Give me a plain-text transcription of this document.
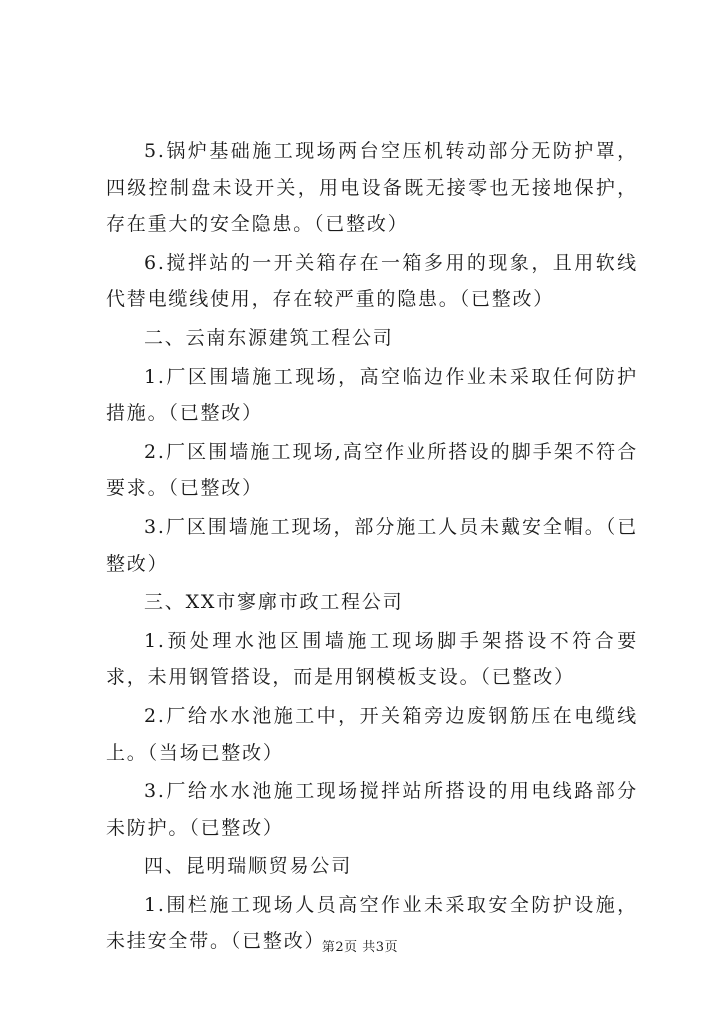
5.锅炉基础施工现场两台空压机转动部分无防护罩，四级控制盘未设开关，用电设备既无接零也无接地保护，存在重大的安全隐患。（已整改）

6.搅拌站的一开关箱存在一箱多用的现象，且用软线代替电缆线使用，存在较严重的隐患。（已整改）

二、云南东源建筑工程公司

1.厂区围墙施工现场，高空临边作业未采取任何防护措施。（已整改）

2.厂区围墙施工现场,高空作业所搭设的脚手架不符合要求。（已整改）

3.厂区围墙施工现场，部分施工人员未戴安全帽。（已整改）

三、XX市寥廓市政工程公司

1.预处理水池区围墙施工现场脚手架搭设不符合要求，未用钢管搭设，而是用钢模板支设。（已整改）

2.厂给水水池施工中，开关箱旁边废钢筋压在电缆线上。（当场已整改）

3.厂给水水池施工现场搅拌站所搭设的用电线路部分未防护。（已整改）

四、昆明瑞顺贸易公司

1.围栏施工现场人员高空作业未采取安全防护设施，未挂安全带。（已整改）

第2页 共3页
